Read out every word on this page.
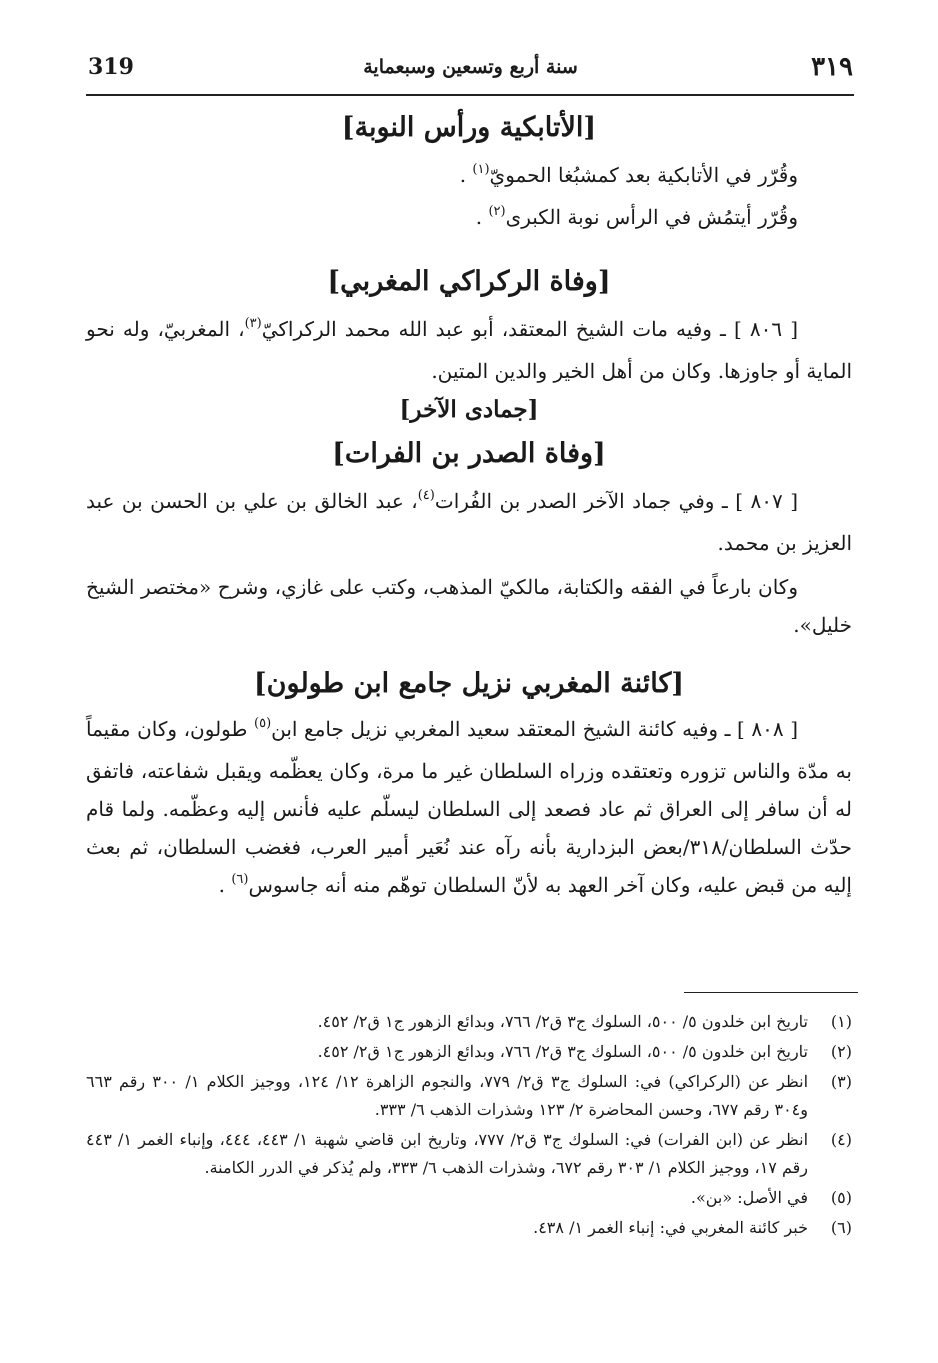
٣١٩
سنة أربع وتسعين وسبعماية
319
[الأتابكية ورأس النوبة]

وقُرّر في الأتابكية بعد كمشبُغا الحمويّ$^{(١)}$ .

وقُرّر أيتمُش في الرأس نوبة الكبرى$^{(٢)}$ .

[وفاة الركراكي المغربي]

[ ٨٠٦ ] ـ وفيه مات الشيخ المعتقد، أبو عبد الله محمد الركراكيّ$^{(٣)}$، المغربيّ، وله نحو الماية أو جاوزها. وكان من أهل الخير والدين المتين.

[جمادى الآخر]
[وفاة الصدر بن الفرات]

[ ٨٠٧ ] ـ وفي جماد الآخر الصدر بن الفُرات$^{(٤)}$، عبد الخالق بن علي بن الحسن بن عبد العزيز بن محمد.

وكان بارعاً في الفقه والكتابة، مالكيّ المذهب، وكتب على غازي، وشرح «مختصر الشيخ خليل».

[كائنة المغربي نزيل جامع ابن طولون]

[ ٨٠٨ ] ـ وفيه كائنة الشيخ المعتقد سعيد المغربي نزيل جامع ابن$^{(٥)}$ طولون، وكان مقيماً به مدّة والناس تزوره وتعتقده وزراه السلطان غير ما مرة، وكان يعظّمه ويقبل شفاعته، فاتفق له أن سافر إلى العراق ثم عاد فصعد إلى السلطان ليسلّم عليه فأنس إليه وعظّمه. ولما قام حدّث السلطان/٣١٨/بعض البزدارية بأنه رآه عند نُعَير أمير العرب، فغضب السلطان، ثم بعث إليه من قبض عليه، وكان آخر العهد به لأنّ السلطان توهّم منه أنه جاسوس$^{(٦)}$ .

(١)
تاريخ ابن خلدون ٥/ ٥٠٠، السلوك ج٣ ق٢/ ٧٦٦، وبدائع الزهور ج١ ق٢/ ٤٥٢.
(٢)
تاريخ ابن خلدون ٥/ ٥٠٠، السلوك ج٣ ق٢/ ٧٦٦، وبدائع الزهور ج١ ق٢/ ٤٥٢.
(٣)
انظر عن (الركراكي) في: السلوك ج٣ ق٢/ ٧٧٩، والنجوم الزاهرة ١٢/ ١٢٤، ووجيز الكلام ١/ ٣٠٠ رقم ٦٦٣ و٣٠٤ رقم ٦٧٧، وحسن المحاضرة ٢/ ١٢٣ وشذرات الذهب ٦/ ٣٣٣.
(٤)
انظر عن (ابن الفرات) في: السلوك ج٣ ق٢/ ٧٧٧، وتاريخ ابن قاضي شهبة ١/ ٤٤٣، ٤٤٤، وإنباء الغمر ١/ ٤٤٣ رقم ١٧، ووجيز الكلام ١/ ٣٠٣ رقم ٦٧٢، وشذرات الذهب ٦/ ٣٣٣، ولم يُذكر في الدرر الكامنة.
(٥)
في الأصل: «بن».
(٦)
خبر كائنة المغربي في: إنباء الغمر ١/ ٤٣٨.
